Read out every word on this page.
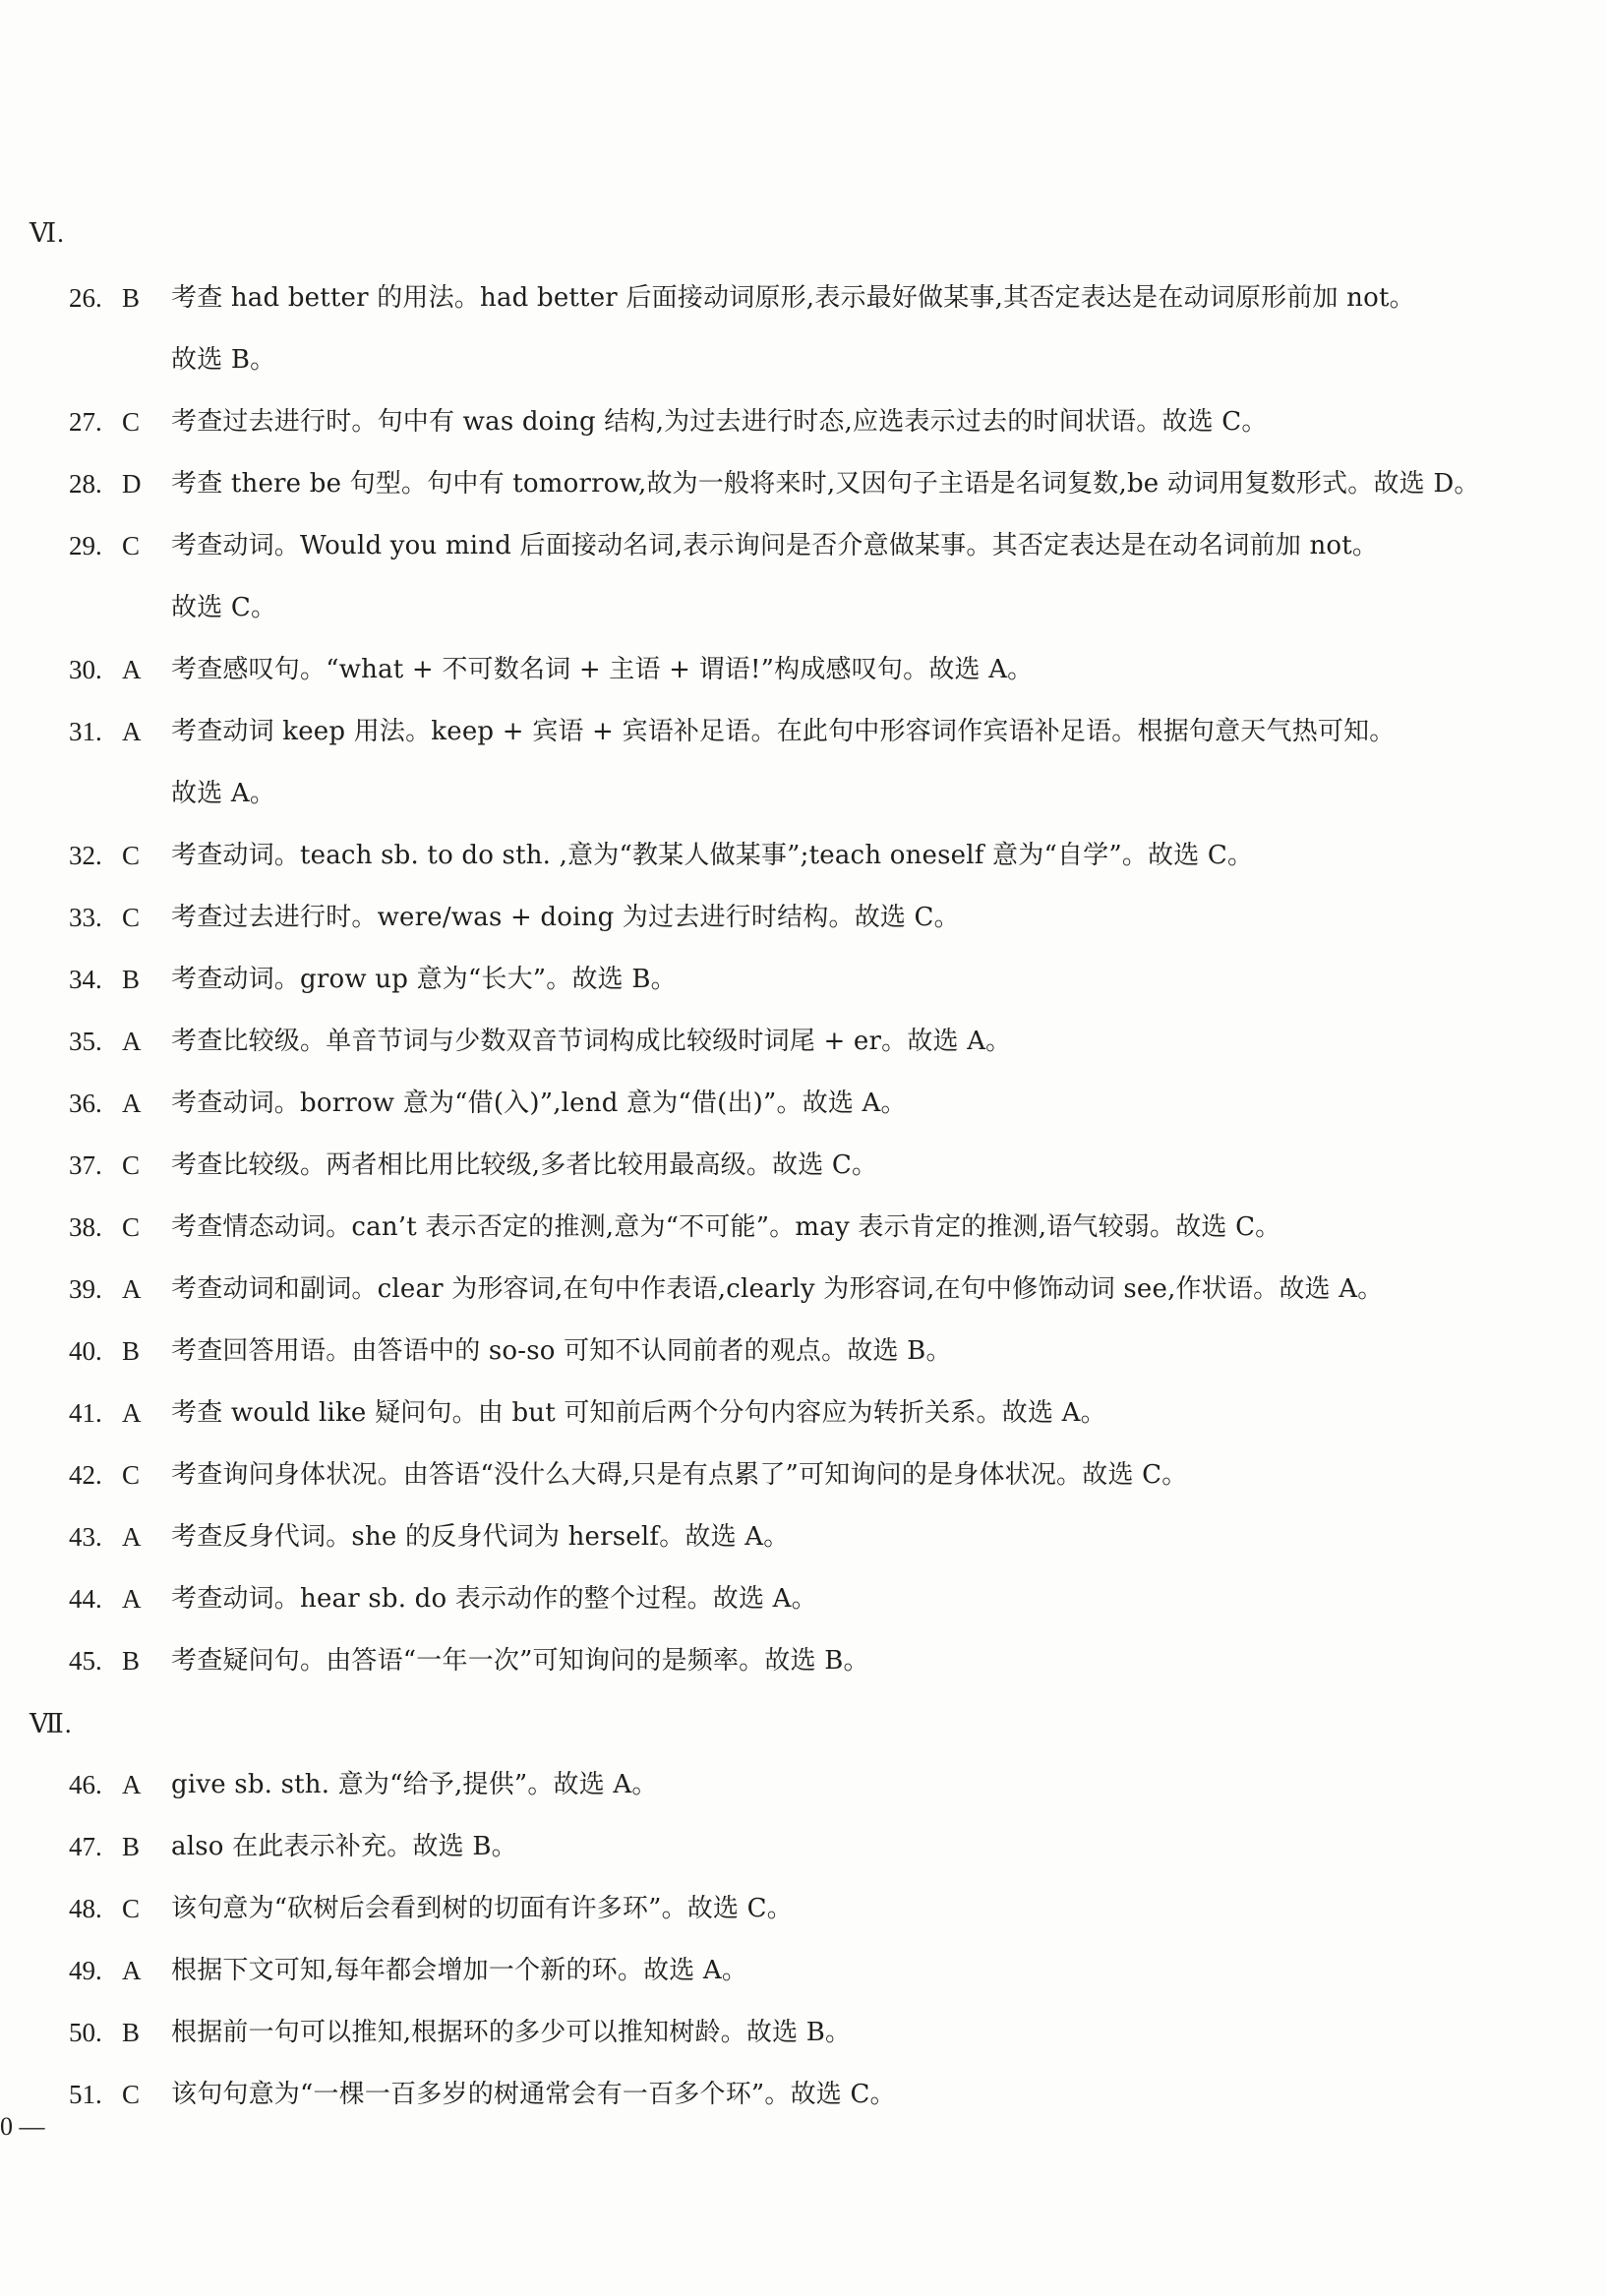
Ⅵ.
26. B	考查 had better 的用法。had better 后面接动词原形,表示最好做某事,其否定表达是在动词原形前加 not。
故选 B。
27. C	考查过去进行时。句中有 was doing 结构,为过去进行时态,应选表示过去的时间状语。故选 C。
28. D	考查 there be 句型。句中有 tomorrow,故为一般将来时,又因句子主语是名词复数,be 动词用复数形式。故选 D。
29. C	考查动词。Would you mind 后面接动名词,表示询问是否介意做某事。其否定表达是在动名词前加 not。
故选 C。
30. A	考查感叹句。“what + 不可数名词 + 主语 + 谓语!”构成感叹句。故选 A。
31. A	考查动词 keep 用法。keep + 宾语 + 宾语补足语。在此句中形容词作宾语补足语。根据句意天气热可知。
故选 A。
32. C	考查动词。teach sb. to do sth. ,意为“教某人做某事”;teach oneself 意为“自学”。故选 C。
33. C	考查过去进行时。were/was + doing 为过去进行时结构。故选 C。
34. B	考查动词。grow up 意为“长大”。故选 B。
35. A	考查比较级。单音节词与少数双音节词构成比较级时词尾 + er。故选 A。
36. A	考查动词。borrow 意为“借(入)”,lend 意为“借(出)”。故选 A。
37. C	考查比较级。两者相比用比较级,多者比较用最高级。故选 C。
38. C	考查情态动词。can’t 表示否定的推测,意为“不可能”。may 表示肯定的推测,语气较弱。故选 C。
39. A	考查动词和副词。clear 为形容词,在句中作表语,clearly 为形容词,在句中修饰动词 see,作状语。故选 A。
40. B	考查回答用语。由答语中的 so-so 可知不认同前者的观点。故选 B。
41. A	考查 would like 疑问句。由 but 可知前后两个分句内容应为转折关系。故选 A。
42. C	考查询问身体状况。由答语“没什么大碍,只是有点累了”可知询问的是身体状况。故选 C。
43. A	考查反身代词。she 的反身代词为 herself。故选 A。
44. A	考查动词。hear sb. do 表示动作的整个过程。故选 A。
45. B	考查疑问句。由答语“一年一次”可知询问的是频率。故选 B。
Ⅶ.
46. A	give sb. sth. 意为“给予,提供”。故选 A。
47. B	also 在此表示补充。故选 B。
48. C	该句意为“砍树后会看到树的切面有许多环”。故选 C。
49. A	根据下文可知,每年都会增加一个新的环。故选 A。
50. B	根据前一句可以推知,根据环的多少可以推知树龄。故选 B。
51. C	该句句意为“一棵一百多岁的树通常会有一百多个环”。故选 C。
0 —
